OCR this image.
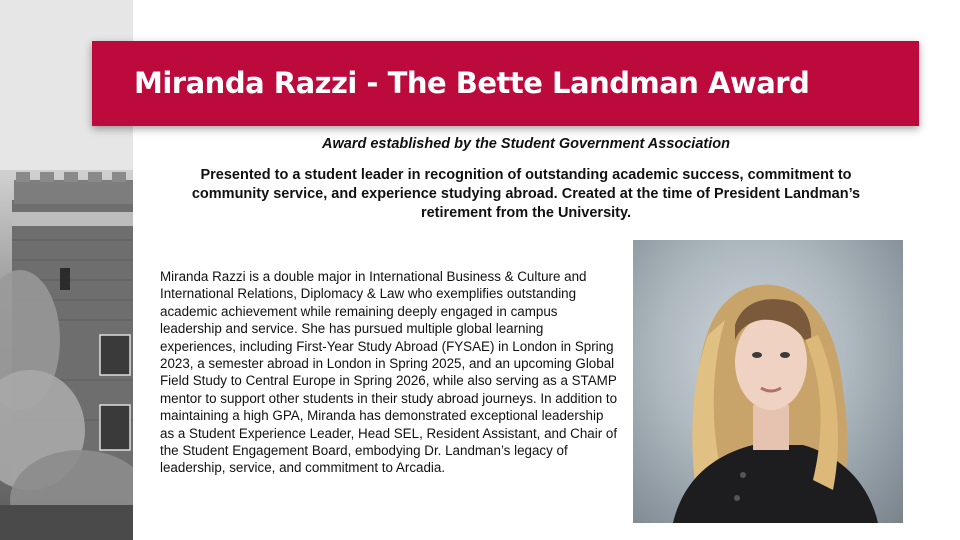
Miranda Razzi - The Bette Landman Award
Award established by the Student Government Association
Presented to a student leader in recognition of outstanding academic success, commitment to community service, and experience studying abroad. Created at the time of President Landman’s retirement from the University.
Miranda Razzi is a double major in International Business & Culture and International Relations, Diplomacy & Law who exemplifies outstanding academic achievement while remaining deeply engaged in campus leadership and service. She has pursued multiple global learning experiences, including First-Year Study Abroad (FYSAE) in London in Spring 2023, a semester abroad in London in Spring 2025, and an upcoming Global Field Study to Central Europe in Spring 2026, while also serving as a STAMP mentor to support other students in their study abroad journeys. In addition to maintaining a high GPA, Miranda has demonstrated exceptional leadership as a Student Experience Leader, Head SEL, Resident Assistant, and Chair of the Student Engagement Board, embodying Dr. Landman’s legacy of leadership, service, and commitment to Arcadia.
